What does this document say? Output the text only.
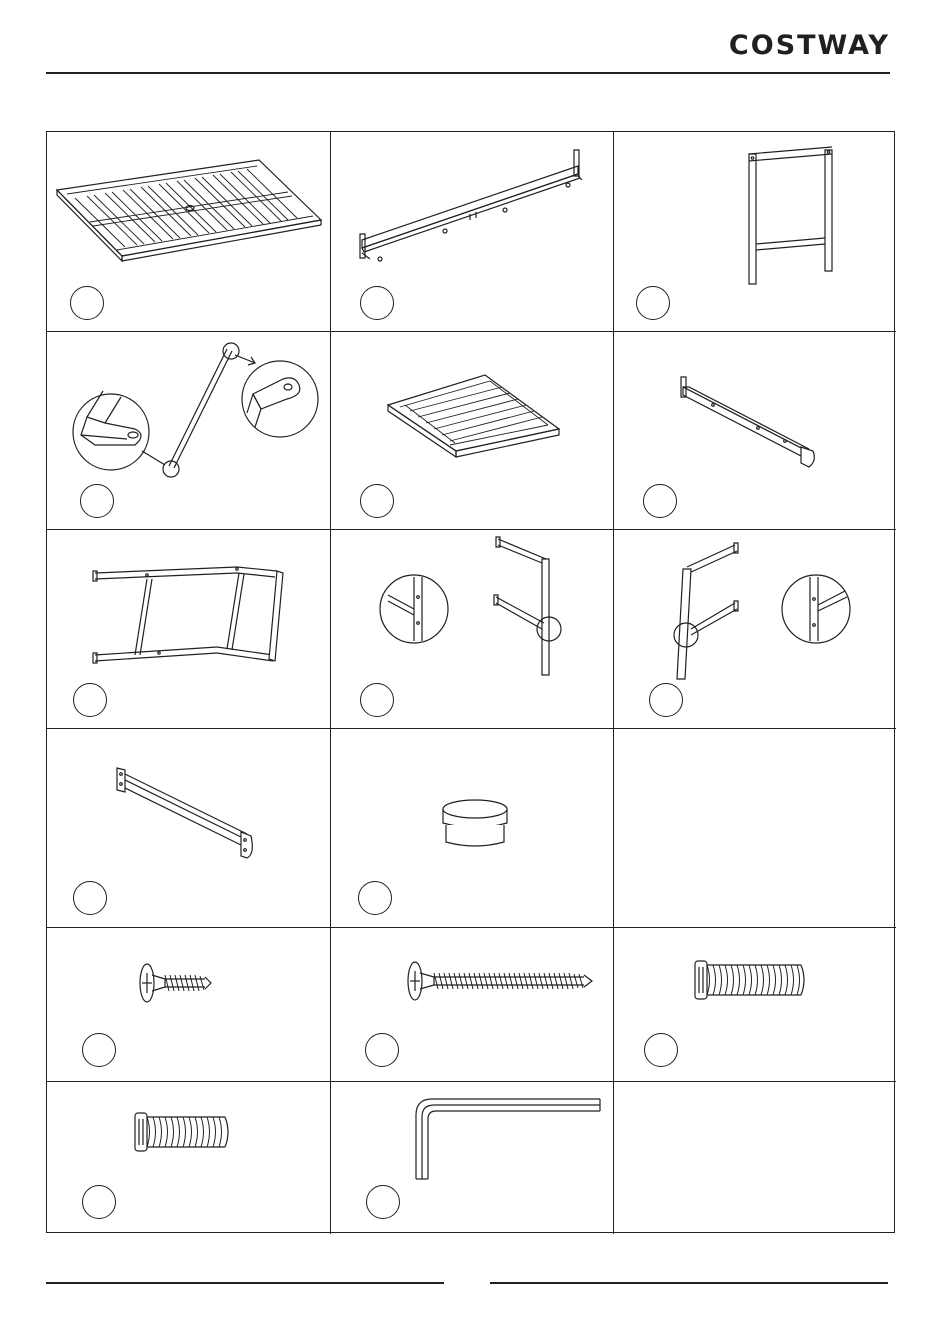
COSTWAY
